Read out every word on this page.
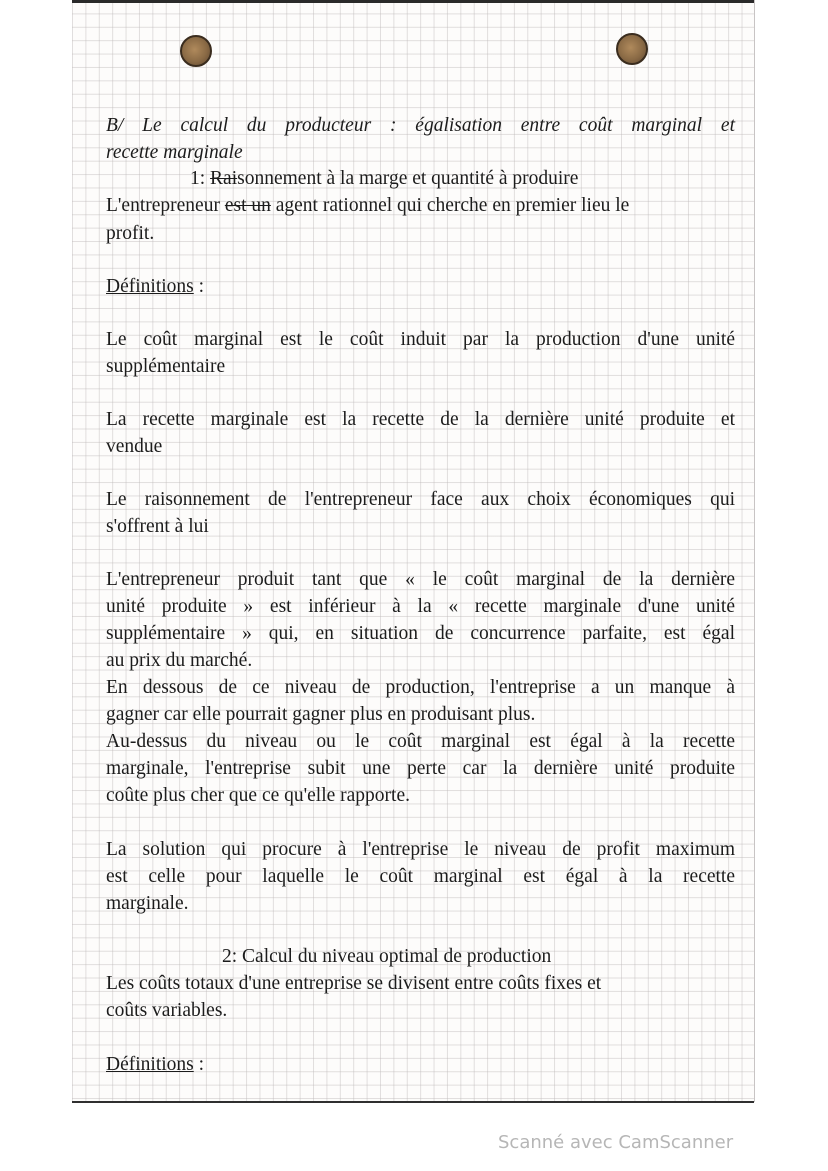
B/ Le calcul du producteur : égalisation entre coût marginal et
recette marginale
1: Raisonnement à la marge et quantité à produire
L'entrepreneur est un agent rationnel qui cherche en premier lieu le
profit.
Définitions :
Le coût marginal est le coût induit par la production d'une unité
supplémentaire
La recette marginale est la recette de la dernière unité produite et
vendue
Le raisonnement de l'entrepreneur face aux choix économiques qui
s'offrent à lui
L'entrepreneur produit tant que « le coût marginal de la dernière
unité produite » est inférieur à la « recette marginale d'une unité
supplémentaire » qui, en situation de concurrence parfaite, est égal
au prix du marché.
En dessous de ce niveau de production, l'entreprise a un manque à
gagner car elle pourrait gagner plus en produisant plus.
Au-dessus du niveau ou le coût marginal est égal à la recette
marginale, l'entreprise subit une perte car la dernière unité produite
coûte plus cher que ce qu'elle rapporte.
La solution qui procure à l'entreprise le niveau de profit maximum
est celle pour laquelle le coût marginal est égal à la recette
marginale.
2: Calcul du niveau optimal de production
Les coûts totaux d'une entreprise se divisent entre coûts fixes et
coûts variables.
Définitions :
Scanné avec CamScanner
